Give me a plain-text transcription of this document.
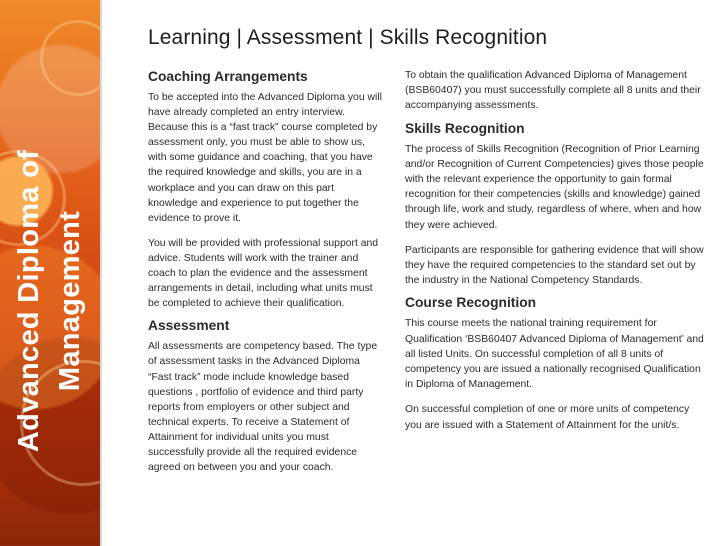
Advanced Diploma of Management
Learning | Assessment | Skills Recognition
Coaching Arrangements

To be accepted into the Advanced Diploma you will have already completed an entry interview. Because this is a “fast track” course completed by assessment only, you must be able to show us, with some guidance and coaching, that you have the required knowledge and skills, you are in a workplace and you can draw on this part knowledge and experience to put together the evidence to prove it.

You will be provided with professional support and advice. Students will work with the trainer and coach to plan the evidence and the assessment arrangements in detail, including what units must be completed to achieve their qualification.

Assessment

All assessments are competency based. The type of assessment tasks in the Advanced Diploma “Fast track” mode include knowledge based questions , portfolio of evidence and third party reports from employers or other subject and technical experts. To receive a Statement of Attainment for individual units you must successfully provide all the required evidence agreed on between you and your coach.

To obtain the qualification Advanced Diploma of Management (BSB60407) you must successfully complete all 8 units and their accompanying assessments.

Skills Recognition

The process of Skills Recognition (Recognition of Prior Learning and/or Recognition of Current Competencies) gives those people with the relevant experience the opportunity to gain formal recognition for their competencies (skills and knowledge) gained through life, work and study, regardless of where, when and how they were achieved.

Participants are responsible for gathering evidence that will show they have the required competencies to the standard set out by the industry in the National Competency Standards.

Course Recognition

This course meets the national training requirement for Qualification ‘BSB60407 Advanced Diploma of Management’ and all listed Units. On successful completion of all 8 units of competency you are issued a nationally recognised Qualification in Diploma of Management.

On successful completion of one or more units of competency you are issued with a Statement of Attainment for the unit/s.
